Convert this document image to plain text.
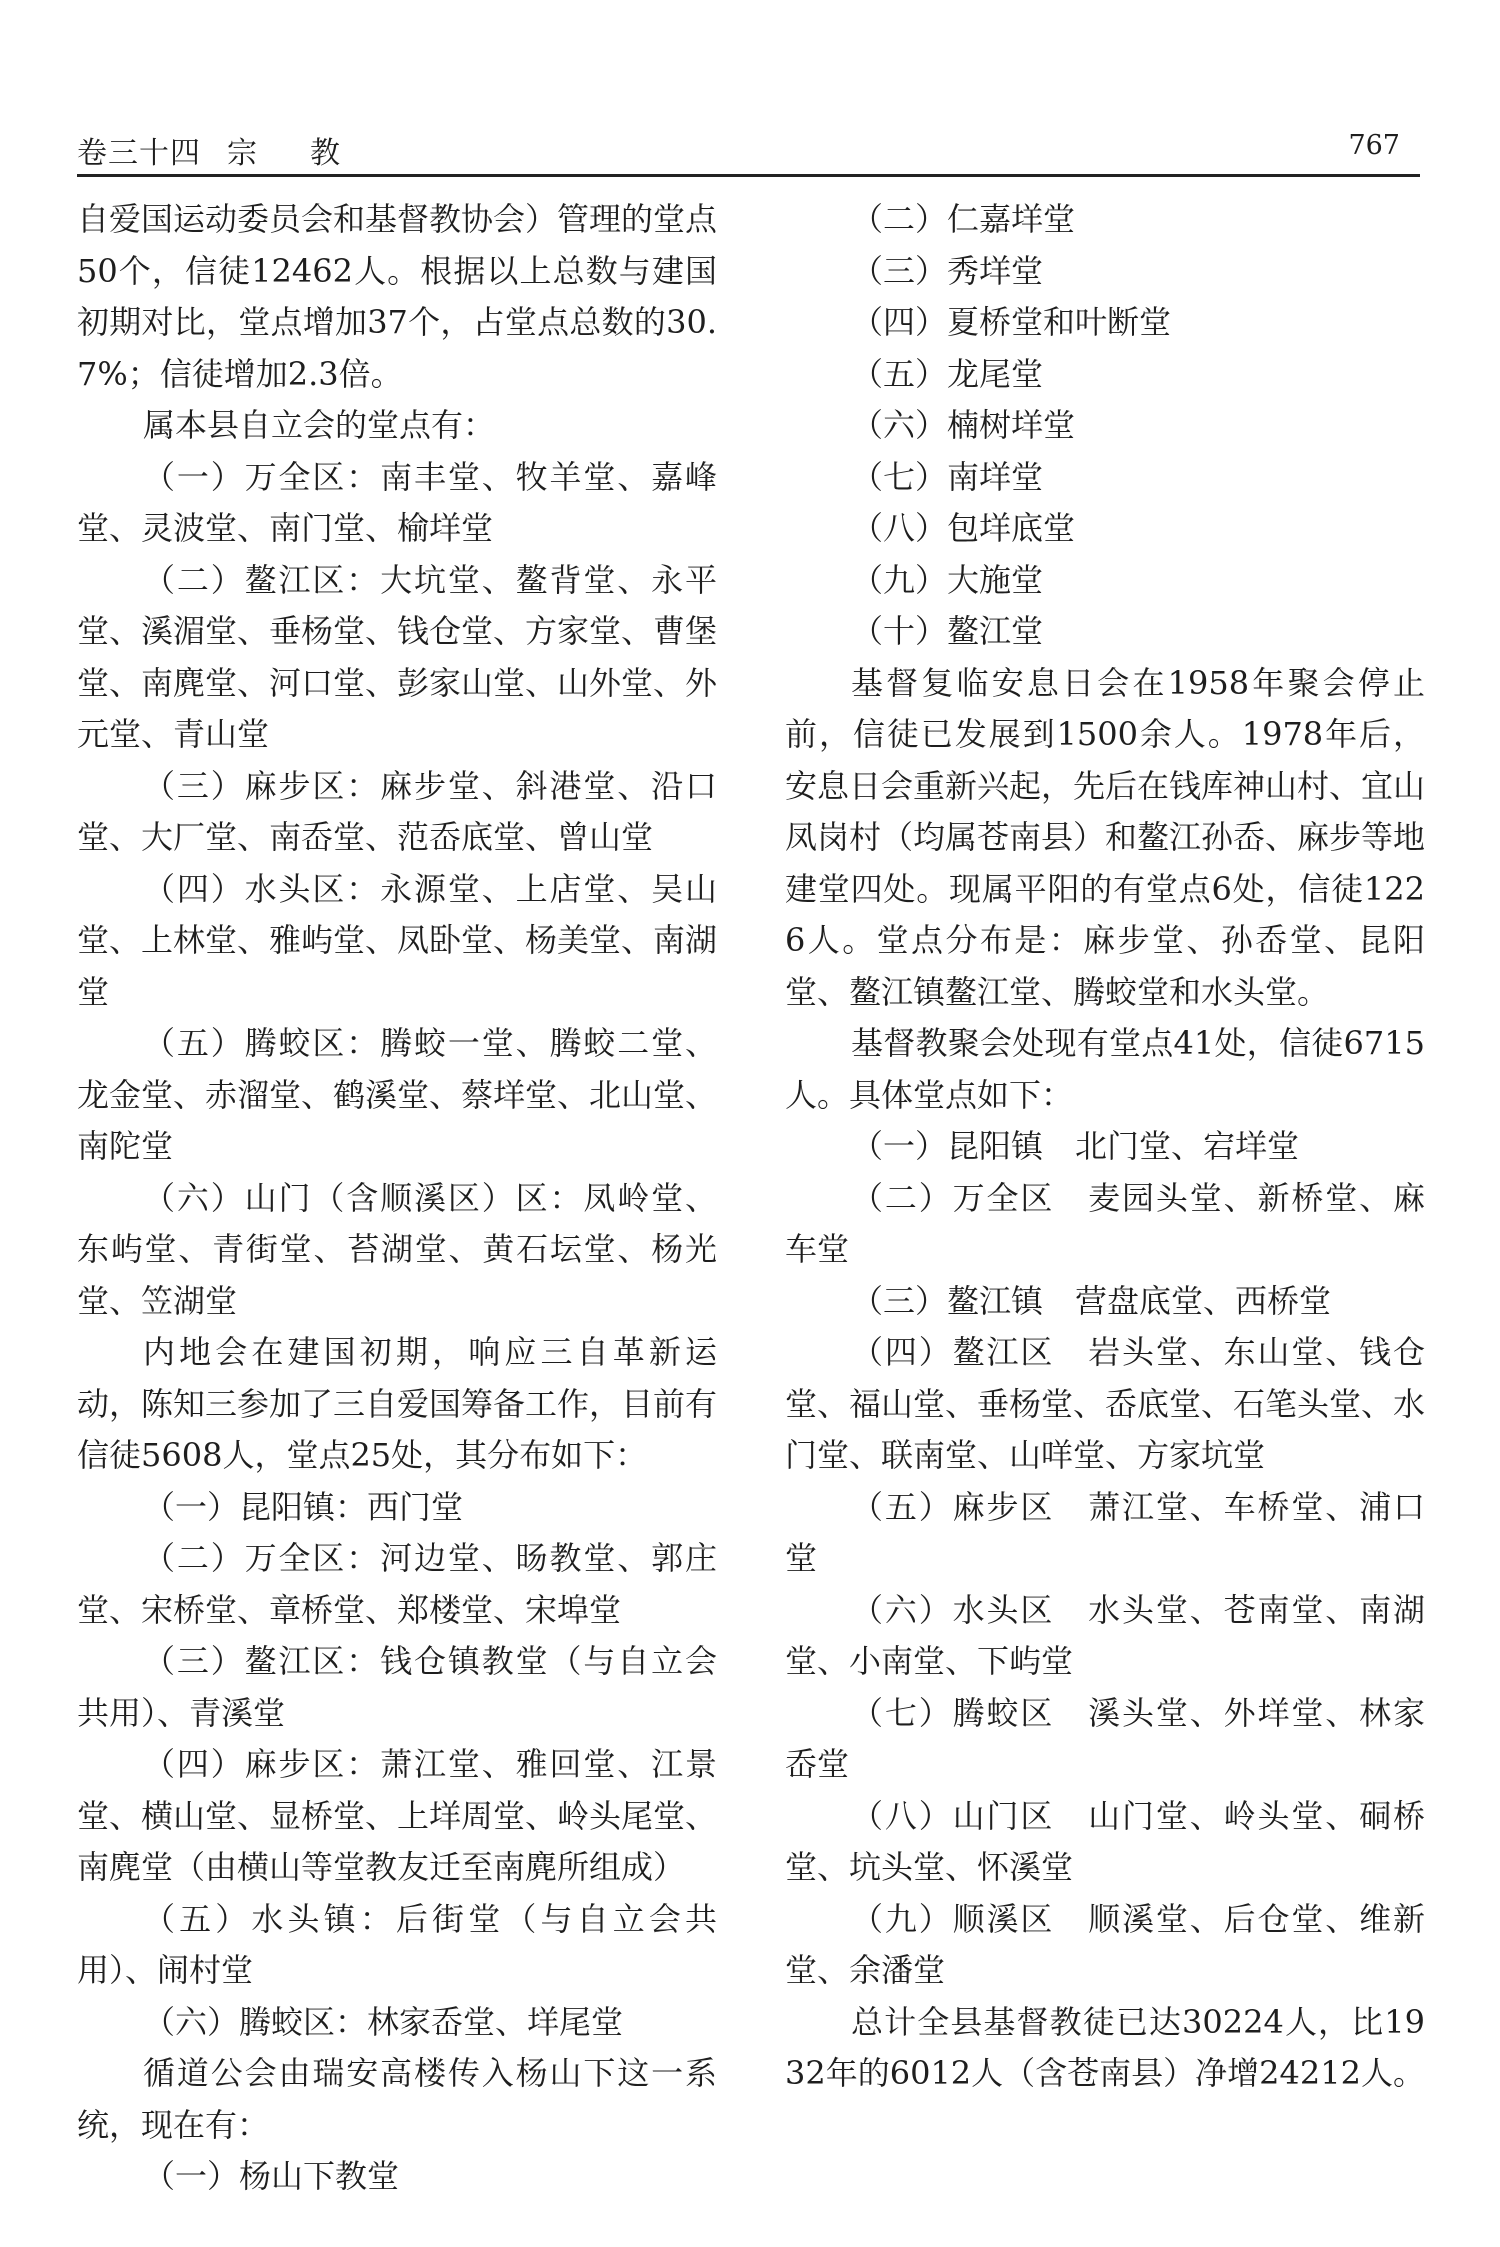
卷三十四 宗 教	767

自爱国运动委员会和基督教协会）管理的堂点50个，信徒12462人。根据以上总数与建国初期对比，堂点增加37个，占堂点总数的30.7%；信徒增加2.3倍。

属本县自立会的堂点有：

（一）万全区：南丰堂、牧羊堂、嘉峰堂、灵波堂、南门堂、榆垟堂

（二）鳌江区：大坑堂、鳌背堂、永平堂、溪湄堂、垂杨堂、钱仓堂、方家堂、曹堡堂、南麂堂、河口堂、彭家山堂、山外堂、外元堂、青山堂

（三）麻步区：麻步堂、斜港堂、沿口堂、大厂堂、南岙堂、范岙底堂、曾山堂

（四）水头区：永源堂、上店堂、吴山堂、上林堂、雅屿堂、凤卧堂、杨美堂、南湖堂

（五）腾蛟区：腾蛟一堂、腾蛟二堂、龙金堂、赤溜堂、鹤溪堂、蔡垟堂、北山堂、南陀堂

（六）山门（含顺溪区）区：凤岭堂、东屿堂、青街堂、苔湖堂、黄石坛堂、杨光堂、笠湖堂

内地会在建国初期，响应三自革新运动，陈知三参加了三自爱国筹备工作，目前有信徒5608人，堂点25处，其分布如下：

（一）昆阳镇：西门堂

（二）万全区：河边堂、旸教堂、郭庄堂、宋桥堂、章桥堂、郑楼堂、宋埠堂

（三）鳌江区：钱仓镇教堂（与自立会共用）、青溪堂

（四）麻步区：萧江堂、雅回堂、江景堂、横山堂、显桥堂、上垟周堂、岭头尾堂、南麂堂（由横山等堂教友迁至南麂所组成）

（五）水头镇：后街堂（与自立会共用）、闹村堂

（六）腾蛟区：林家岙堂、垟尾堂

循道公会由瑞安高楼传入杨山下这一系统，现在有：

（一）杨山下教堂

（二）仁嘉垟堂

（三）秀垟堂

（四）夏桥堂和叶断堂

（五）龙尾堂

（六）楠树垟堂

（七）南垟堂

（八）包垟底堂

（九）大施堂

（十）鳌江堂

基督复临安息日会在1958年聚会停止前，信徒已发展到1500余人。1978年后，安息日会重新兴起，先后在钱库神山村、宜山凤岗村（均属苍南县）和鳌江孙岙、麻步等地建堂四处。现属平阳的有堂点6处，信徒1226人。堂点分布是：麻步堂、孙岙堂、昆阳堂、鳌江镇鳌江堂、腾蛟堂和水头堂。

基督教聚会处现有堂点41处，信徒6715人。具体堂点如下：

（一）昆阳镇　北门堂、宕垟堂

（二）万全区　麦园头堂、新桥堂、麻车堂

（三）鳌江镇　营盘底堂、西桥堂

（四）鳌江区　岩头堂、东山堂、钱仓堂、福山堂、垂杨堂、岙底堂、石笔头堂、水门堂、联南堂、山咩堂、方家坑堂

（五）麻步区　萧江堂、车桥堂、浦口堂

（六）水头区　水头堂、苍南堂、南湖堂、小南堂、下屿堂

（七）腾蛟区　溪头堂、外垟堂、林家岙堂

（八）山门区　山门堂、岭头堂、硐桥堂、坑头堂、怀溪堂

（九）顺溪区　顺溪堂、后仓堂、维新堂、余潘堂

总计全县基督教徒已达30224人，比1932年的6012人（含苍南县）净增24212人。
